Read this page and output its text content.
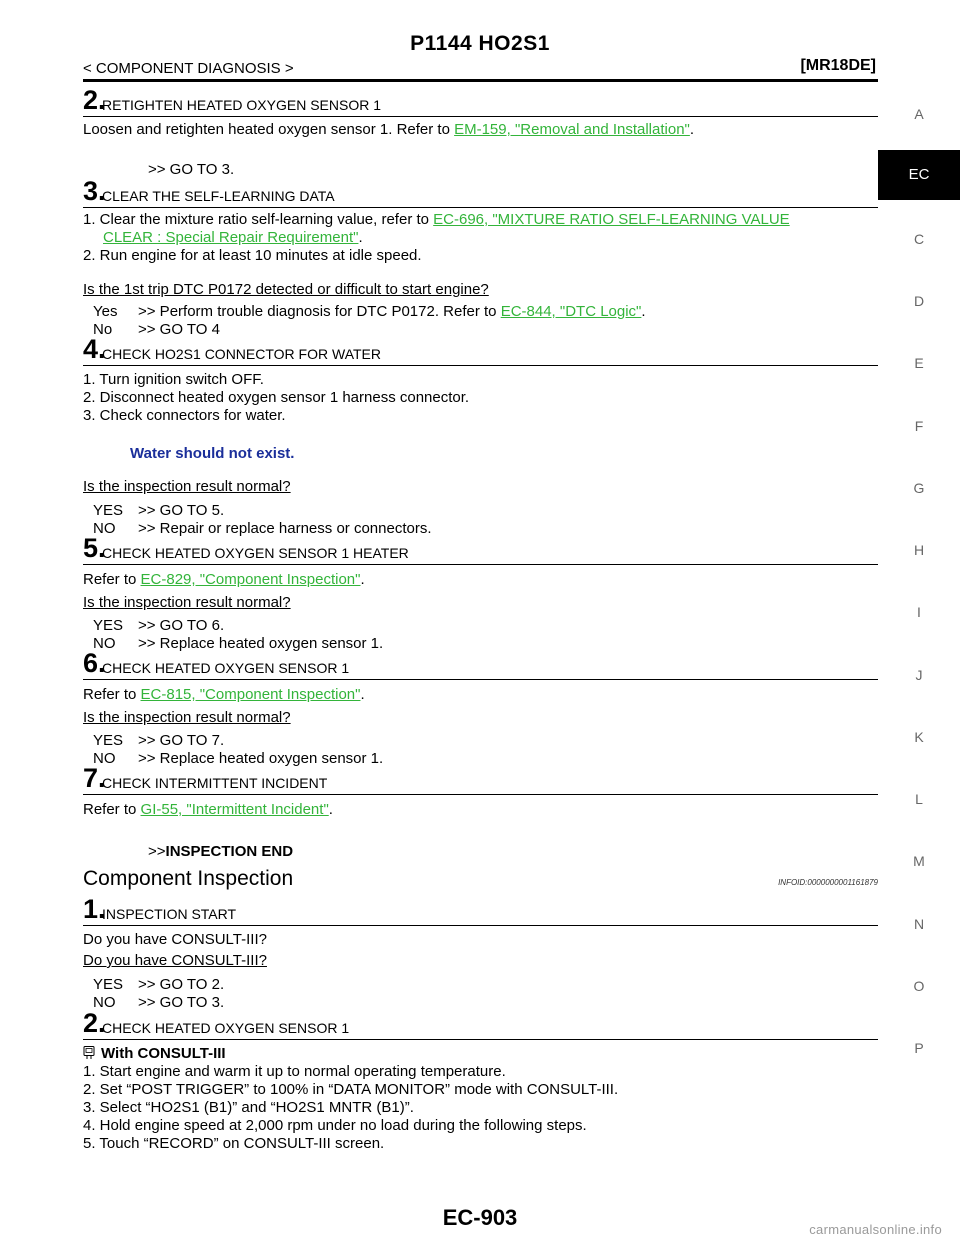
P1144 HO2S1
< COMPONENT DIAGNOSIS >	[MR18DE]
A
EC
C
D
E
F
G
H
I
J
K
L
M
N
O
P
2.
RETIGHTEN HEATED OXYGEN SENSOR 1

Loosen and retighten heated oxygen sensor 1. Refer to EM-159, "Removal and Installation".

>> GO TO 3.

3.
CLEAR THE SELF-LEARNING DATA

1. Clear the mixture ratio self-learning value, refer to EC-696, "MIXTURE RATIO SELF-LEARNING VALUE

CLEAR : Special Repair Requirement".

2. Run engine for at least 10 minutes at idle speed.

Is the 1st trip DTC P0172 detected or difficult to start engine?

Yes	>> Perform trouble diagnosis for DTC P0172. Refer to EC-844, "DTC Logic".

No	>> GO TO 4

4.
CHECK HO2S1 CONNECTOR FOR WATER

1. Turn ignition switch OFF.

2. Disconnect heated oxygen sensor 1 harness connector.

3. Check connectors for water.

Water should not exist.

Is the inspection result normal?

YES >> GO TO 5.

NO	>> Repair or replace harness or connectors.

5.
CHECK HEATED OXYGEN SENSOR 1 HEATER

Refer to EC-829, "Component Inspection".

Is the inspection result normal?

YES >> GO TO 6.

NO	>> Replace heated oxygen sensor 1.

6.
CHECK HEATED OXYGEN SENSOR 1

Refer to EC-815, "Component Inspection".

Is the inspection result normal?

YES >> GO TO 7.

NO	>> Replace heated oxygen sensor 1.

7.
CHECK INTERMITTENT INCIDENT

Refer to GI-55, "Intermittent Incident".

>>INSPECTION END

Component Inspection	INFOID:0000000001161879
1.
INSPECTION START

Do you have CONSULT-III?

Do you have CONSULT-III?

YES >> GO TO 2.

NO	>> GO TO 3.

2.
CHECK HEATED OXYGEN SENSOR 1

With CONSULT-III

1. Start engine and warm it up to normal operating temperature.

2. Set “POST TRIGGER” to 100% in “DATA MONITOR” mode with CONSULT-III.

3. Select “HO2S1 (B1)” and “HO2S1 MNTR (B1)”.

4. Hold engine speed at 2,000 rpm under no load during the following steps.

5. Touch “RECORD” on CONSULT-III screen.

EC-903	carmanualsonline.info
